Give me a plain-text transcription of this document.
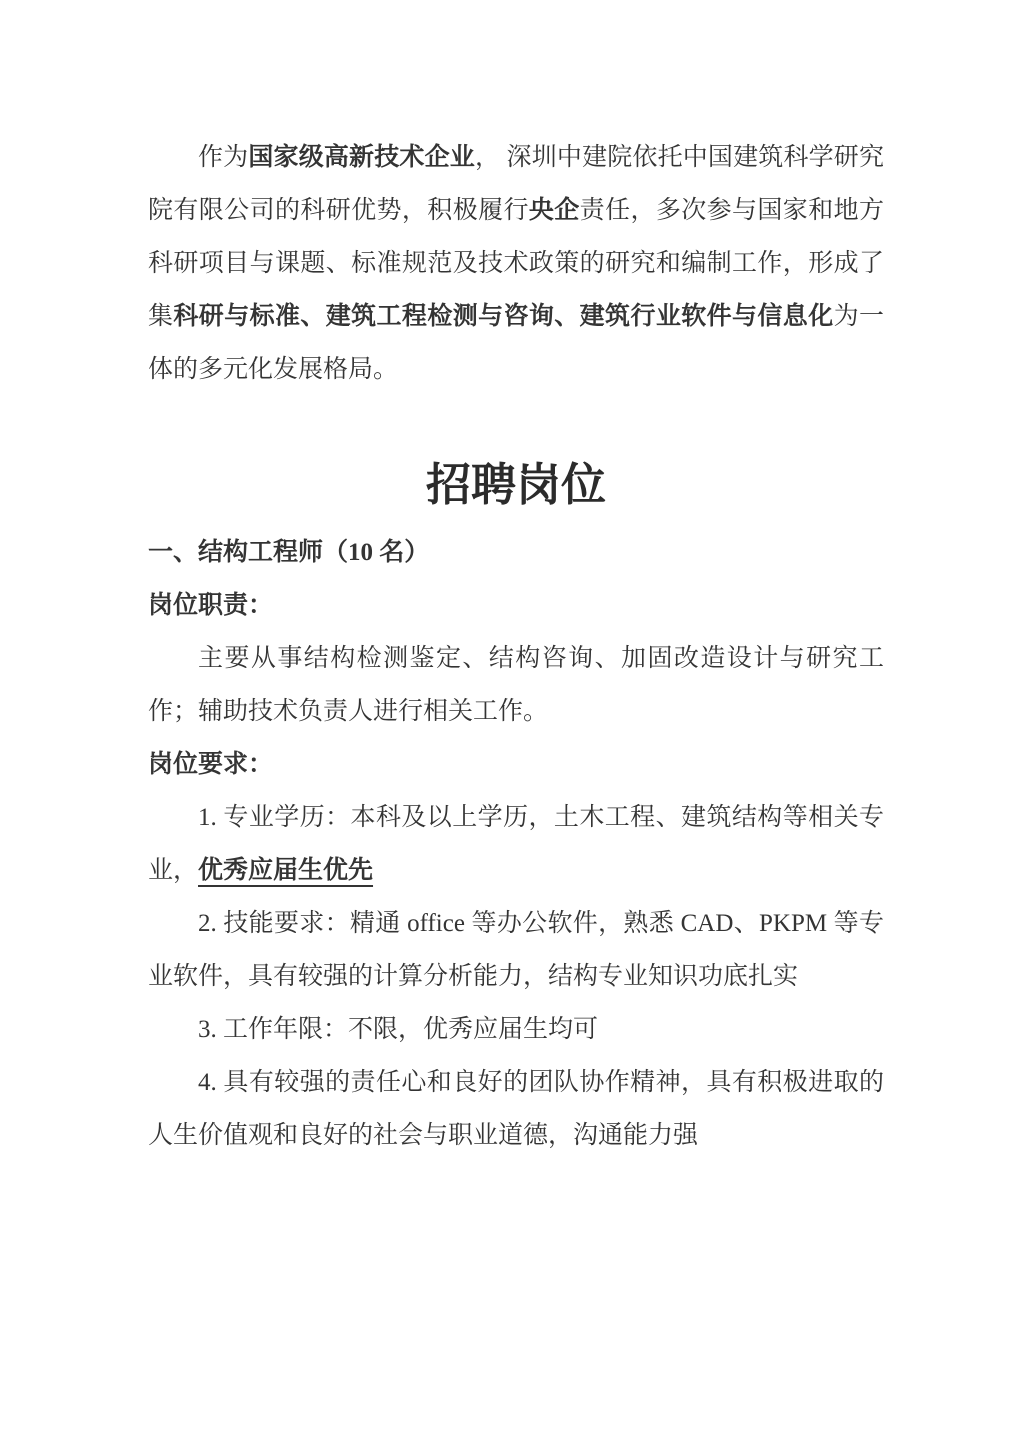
作为国家级高新技术企业， 深圳中建院依托中国建筑科学研究院有限公司的科研优势，积极履行央企责任，多次参与国家和地方科研项目与课题、标准规范及技术政策的研究和编制工作，形成了集科研与标准、建筑工程检测与咨询、建筑行业软件与信息化为一体的多元化发展格局。

招聘岗位
一、结构工程师（10 名）
岗位职责：

主要从事结构检测鉴定、结构咨询、加固改造设计与研究工作；辅助技术负责人进行相关工作。

岗位要求：

1. 专业学历：本科及以上学历，土木工程、建筑结构等相关专业，优秀应届生优先

2. 技能要求：精通 office 等办公软件，熟悉 CAD、PKPM 等专业软件，具有较强的计算分析能力，结构专业知识功底扎实

3. 工作年限：不限，优秀应届生均可

4. 具有较强的责任心和良好的团队协作精神，具有积极进取的人生价值观和良好的社会与职业道德，沟通能力强
